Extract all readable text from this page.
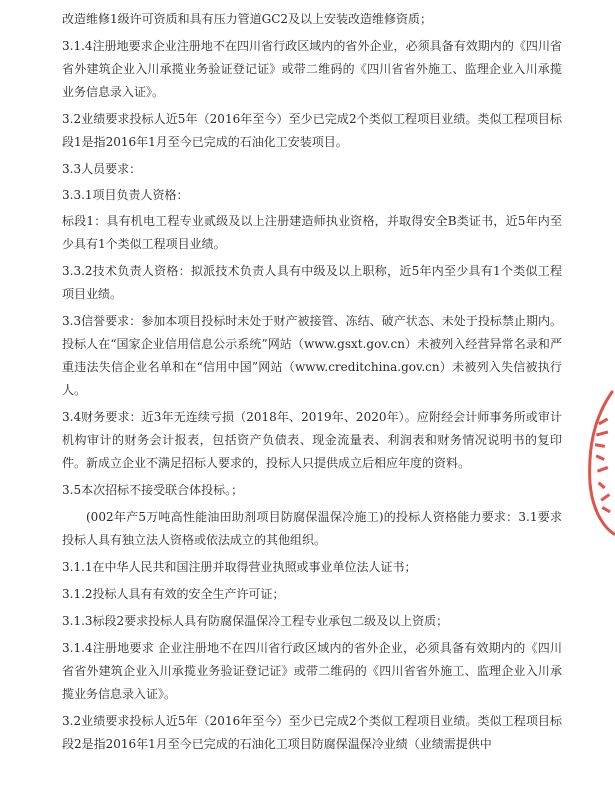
改造维修1级许可资质和具有压力管道GC2及以上安装改造维修资质；

3.1.4注册地要求企业注册地不在四川省行政区域内的省外企业，必须具备有效期内的《四川省省外建筑企业入川承揽业务验证登记证》或带二维码的《四川省省外施工、监理企业入川承揽业务信息录入证》。

3.2业绩要求投标人近5年（2016年至今）至少已完成2个类似工程项目业绩。类似工程项目标段1是指2016年1月至今已完成的石油化工安装项目。

3.3人员要求：

3.3.1项目负责人资格：

标段1：具有机电工程专业贰级及以上注册建造师执业资格，并取得安全B类证书，近5年内至少具有1个类似工程项目业绩。

3.3.2技术负责人资格：拟派技术负责人具有中级及以上职称，近5年内至少具有1个类似工程项目业绩。

3.3信誉要求：参加本项目投标时未处于财产被接管、冻结、破产状态、未处于投标禁止期内。投标人在“国家企业信用信息公示系统”网站（www.gsxt.gov.cn）未被列入经营异常名录和严重违法失信企业名单和在“信用中国”网站（www.creditchina.gov.cn）未被列入失信被执行人。

3.4财务要求：近3年无连续亏损（2018年、2019年、2020年）。应附经会计师事务所或审计机构审计的财务会计报表，包括资产负债表、现金流量表、利润表和财务情况说明书的复印件。新成立企业不满足招标人要求的，投标人只提供成立后相应年度的资料。

3.5本次招标不接受联合体投标。；

(002年产5万吨高性能油田助剂项目防腐保温保冷施工)的投标人资格能力要求：3.1要求投标人具有独立法人资格或依法成立的其他组织。

3.1.1在中华人民共和国注册并取得营业执照或事业单位法人证书；

3.1.2投标人具有有效的安全生产许可证；

3.1.3标段2要求投标人具有防腐保温保冷工程专业承包二级及以上资质；

3.1.4注册地要求 企业注册地不在四川省行政区域内的省外企业，必须具备有效期内的《四川省省外建筑企业入川承揽业务验证登记证》或带二维码的《四川省省外施工、监理企业入川承揽业务信息录入证》。

3.2业绩要求投标人近5年（2016年至今）至少已完成2个类似工程项目业绩。类似工程项目标段2是指2016年1月至今已完成的石油化工项目防腐保温保冷业绩（业绩需提供中
